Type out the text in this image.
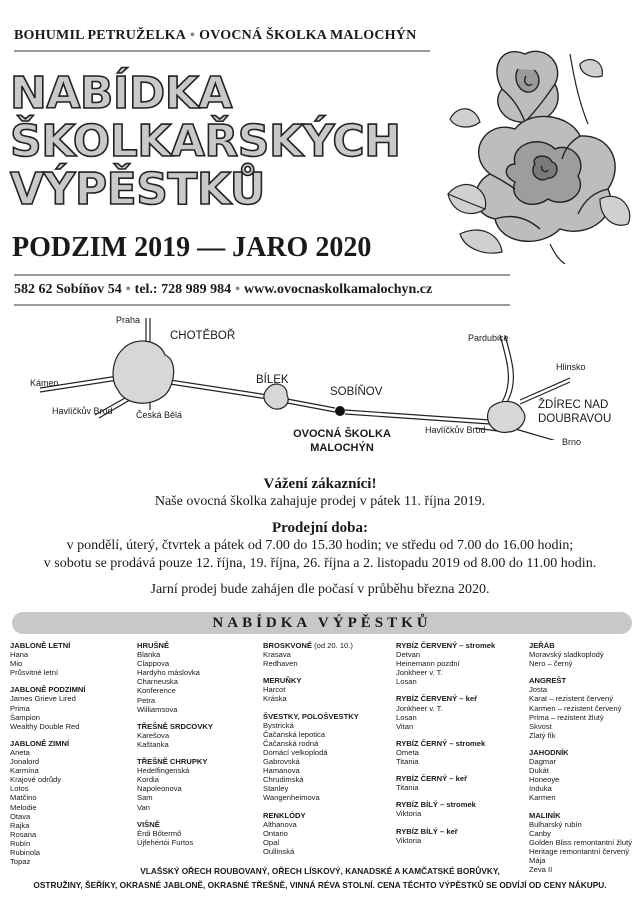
BOHUMIL PETRUŽELKA • OVOCNÁ ŠKOLKA MALOCHÝN
NABÍDKA
ŠKOLKAŘSKÝCH
VÝPĚSTKŮ
PODZIM 2019 — JARO 2020
582 62 Sobíňov 54 • tel.: 728 989 984 • www.ovocnaskolkamalochyn.cz
Praha
CHOTĚBOŘ
Kámen
Havlíčkův Brod	Česká Bělá
BÍLEK
SOBÍŇOV
OVOCNÁ ŠKOLKA
MALOCHÝN
Pardubice
Hlinsko
ŽDÍREC NAD
DOUBRAVOU
Brno
Havlíčkův Brod
Vážení zákazníci!
Naše ovocná školka zahajuje prodej v pátek 11. října 2019.
Prodejní doba:
v pondělí, úterý, čtvrtek a pátek od 7.00 do 15.30 hodin; ve středu od 7.00 do 16.00 hodin;
v sobotu se prodává pouze 12. října, 19. října, 26. října a 2. listopadu 2019 od 8.00 do 11.00 hodin.
Jarní prodej bude zahájen dle počasí v průběhu března 2020.
NABÍDKA VÝPĚSTKŮ
JABLONĚ LETNÍ
Hana
Mio
Průsvitné letní
JABLONĚ PODZIMNÍ
James Grieve Lired
Prima
Šampion
Wealthy Double Red
JABLONĚ ZIMNÍ
Aneta
Jonalord
Karmína
Krajové odrůdy
Lotos
Matčino
Melodie
Otava
Rajka
Rosana
Rubín
Rubinola
Topaz
HRUŠNĚ
Blanka
Clappova
Hardyho máslovka
Charneuska
Konference
Petra
Williamsova
TŘEŠNĚ SRDCOVKY
Karešova
Kaštanka
TŘEŠNĚ CHRUPKY
Hedelfingenská
Kordia
Napoleonova
Sam
Van
VIŠNĚ
Érdi Bőtermő
Újfehértói Furtos
BROSKVONĚ (od 20. 10.)
Krasava
Redhaven
MERUŇKY
Harcot
Kráska
ŠVESTKY, POLOŠVESTKY
Bystrická
Čačanská lepotica
Čačanská rodná
Domácí velkoplodá
Gabrovská
Hamanova
Chrudimská
Stanley
Wangenheimova
RENKLÓDY
Althanova
Ontario
Opal
Oullinská
RYBÍZ ČERVENÝ – stromek
Detvan
Heinemann pozdní
Jonkheer v. T.
Losan
RYBÍZ ČERVENÝ – keř
Jonkheer v. T.
Losan
Vitan
RYBÍZ ČERNÝ – stromek
Ometa
Titania
RYBÍZ ČERNÝ – keř
Titania
RYBÍZ BÍLÝ – stromek
Viktoria
RYBÍZ BÍLÝ – keř
Viktoria
JEŘÁB
Moravský sladkoplodý
Nero – černý
ANGREŠT
Josta
Karat – rezistent červený
Karmen – rezistent červený
Prima – rezistent žlutý
Skvost
Zlatý fík
JAHODNÍK
Dagmar
Dukát
Honeoye
Induka
Karmen
MALINÍK
Bulharský rubín
Canby
Golden Bliss remontantní žlutý
Heritage remontantní červený
Mája
Zeva II
VLAŠSKÝ OŘECH ROUBOVANÝ, OŘECH LÍSKOVÝ, KANADSKÉ A KAMČATSKÉ BORŮVKY,
OSTRUŽINY, ŠEŘÍKY, OKRASNÉ JABLONĚ, OKRASNÉ TŘEŠNĚ, VINNÁ RÉVA STOLNÍ. CENA TĚCHTO VÝPĚSTKŮ SE ODVÍJÍ OD CENY NÁKUPU.
